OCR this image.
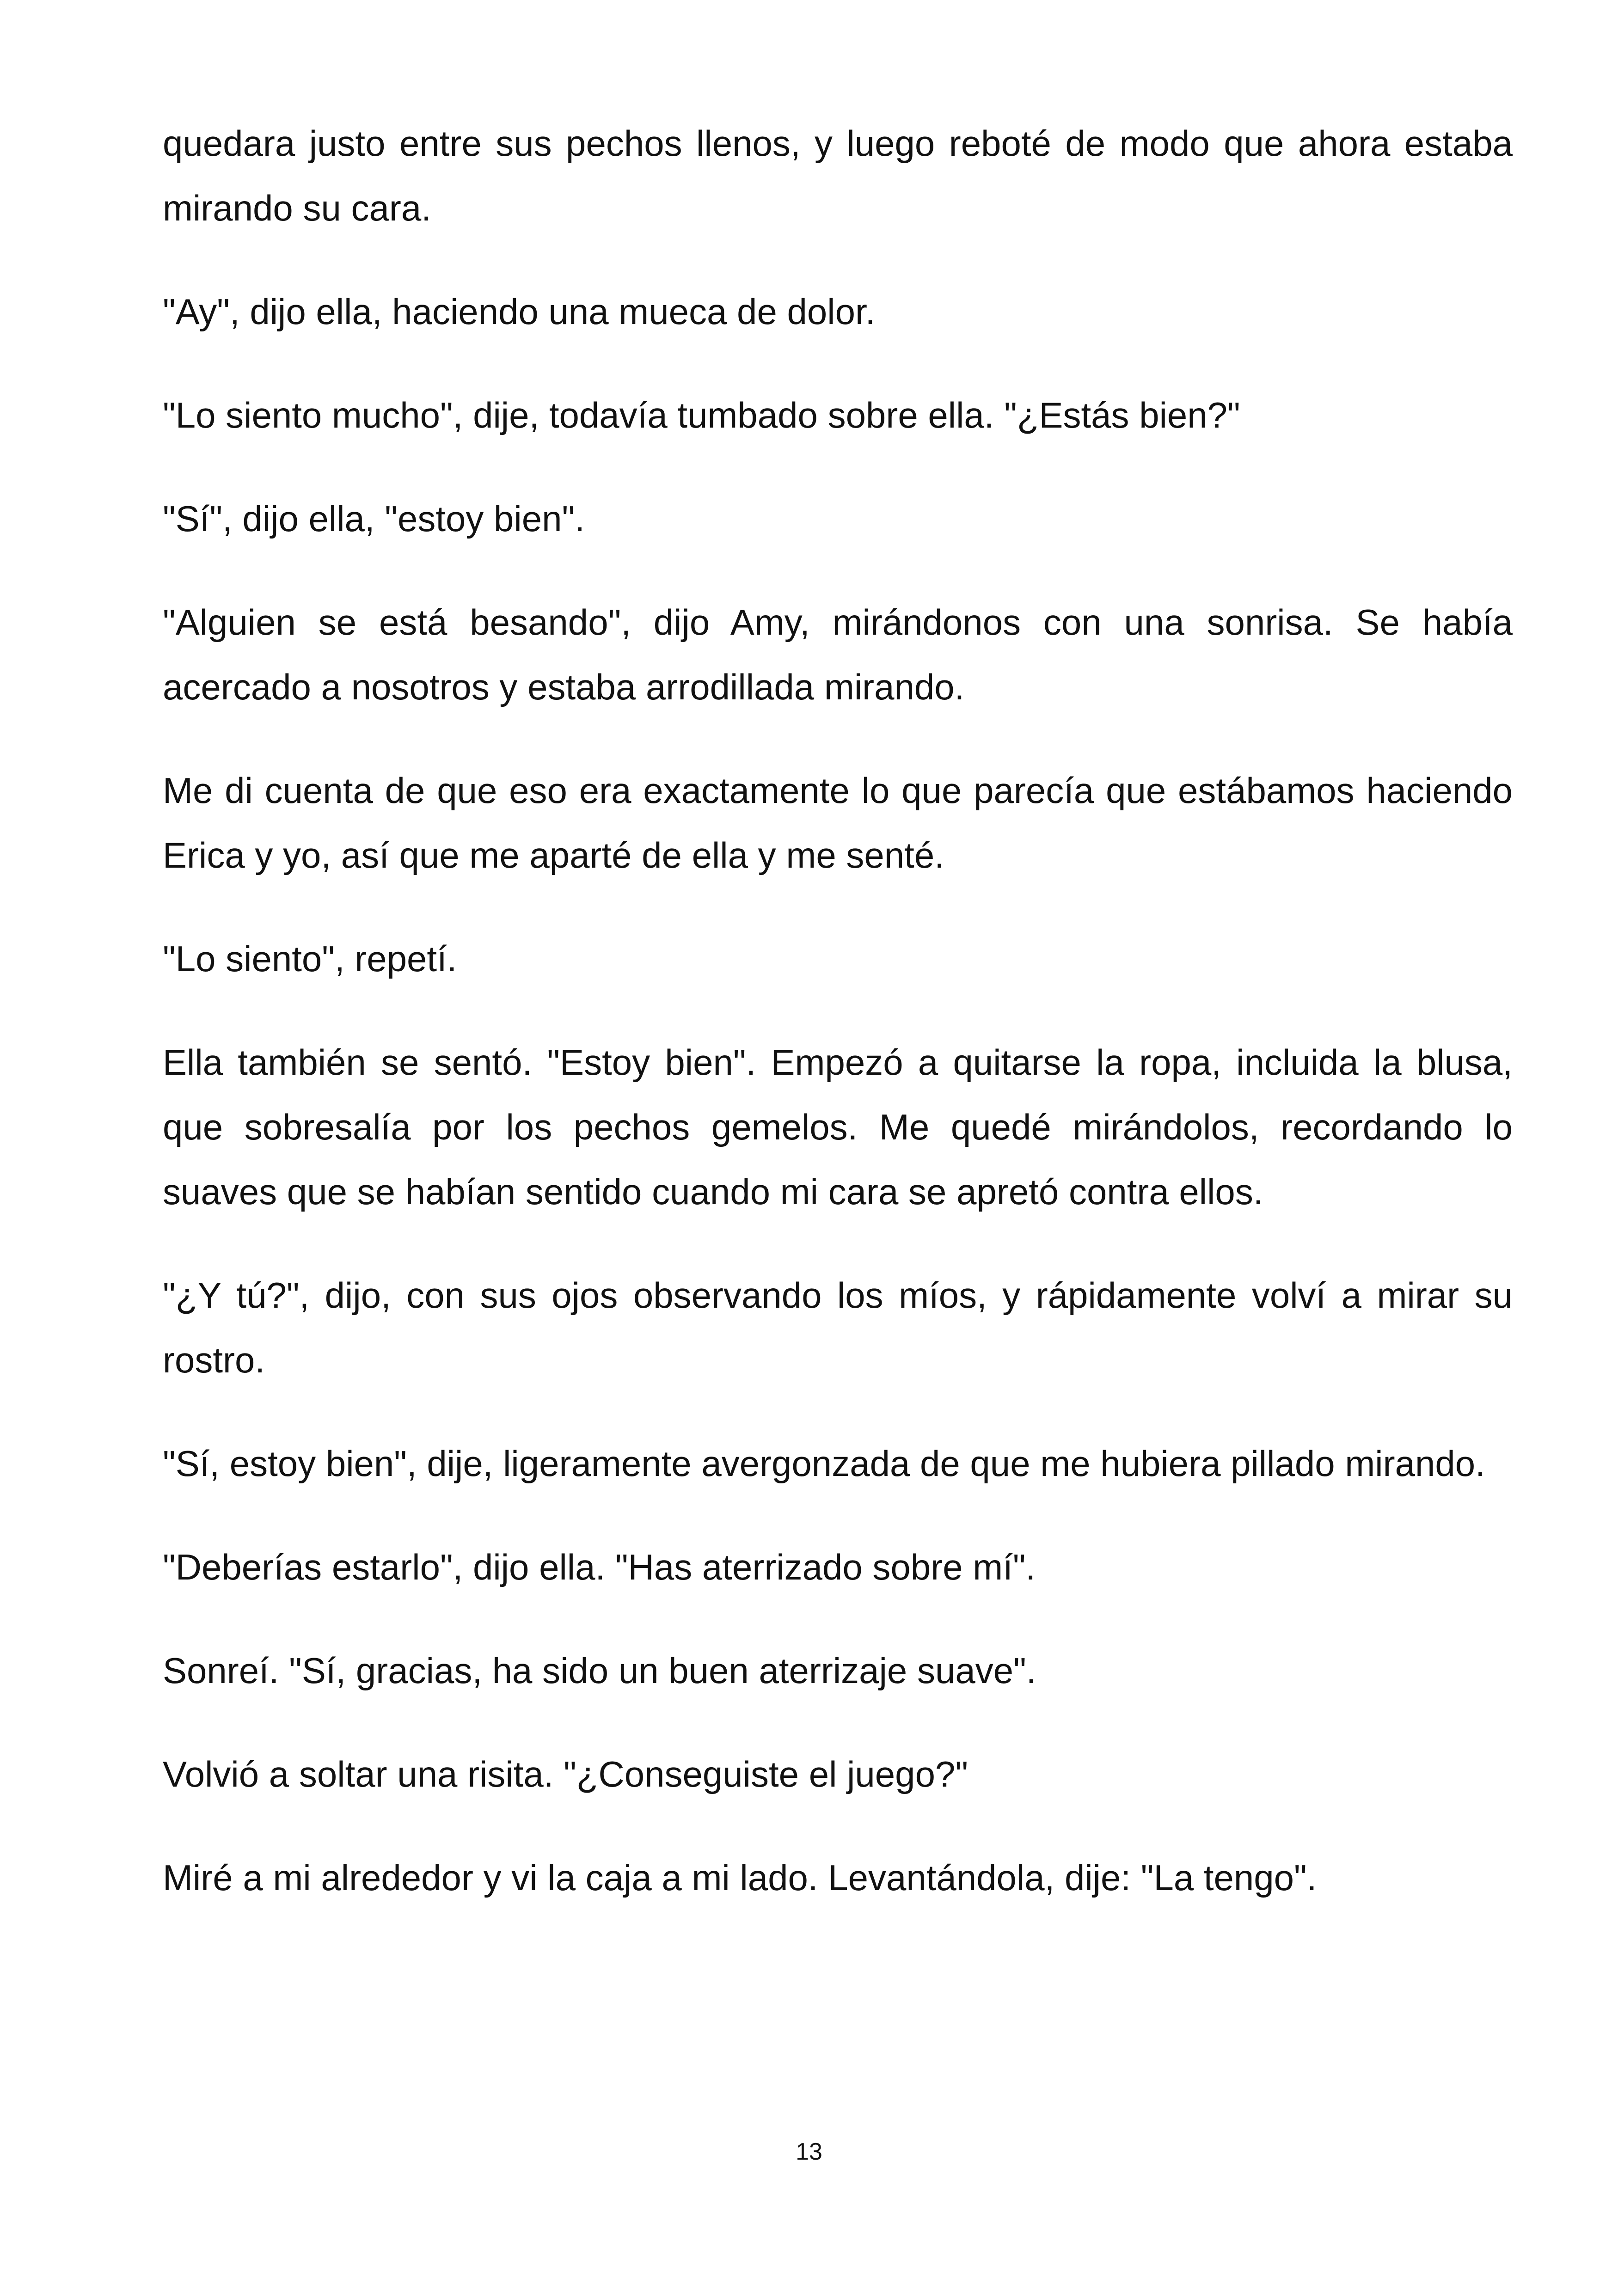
quedara justo entre sus pechos llenos, y luego reboté de modo que ahora estaba mirando su cara.

"Ay", dijo ella, haciendo una mueca de dolor.

"Lo siento mucho", dije, todavía tumbado sobre ella. "¿Estás bien?"

"Sí", dijo ella, "estoy bien".

"Alguien se está besando", dijo Amy, mirándonos con una sonrisa. Se había acercado a nosotros y estaba arrodillada mirando.

Me di cuenta de que eso era exactamente lo que parecía que estábamos haciendo Erica y yo, así que me aparté de ella y me senté.

"Lo siento", repetí.

Ella también se sentó. "Estoy bien". Empezó a quitarse la ropa, incluida la blusa, que sobresalía por los pechos gemelos. Me quedé mirándolos, recordando lo suaves que se habían sentido cuando mi cara se apretó contra ellos.

"¿Y tú?", dijo, con sus ojos observando los míos, y rápidamente volví a mirar su rostro.

"Sí, estoy bien", dije, ligeramente avergonzada de que me hubiera pillado mirando.

"Deberías estarlo", dijo ella. "Has aterrizado sobre mí".

Sonreí. "Sí, gracias, ha sido un buen aterrizaje suave".

Volvió a soltar una risita. "¿Conseguiste el juego?"

Miré a mi alrededor y vi la caja a mi lado. Levantándola, dije: "La tengo".

13
